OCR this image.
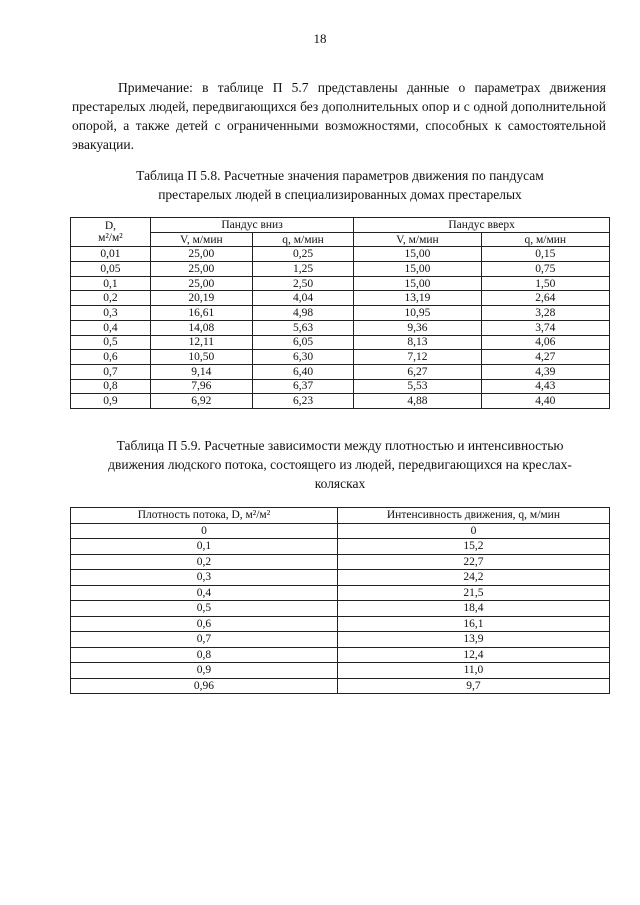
18

Примечание: в таблице П 5.7 представлены данные о параметрах движения престарелых людей, передвигающихся без дополнительных опор и с одной дополнительной опорой, а также детей с ограниченными возможностями, способных к самостоятельной эвакуации.

Таблица П 5.8. Расчетные значения параметров движения по пандусам
престарелых людей в специализированных домах престарелых
D,
м²/м²	Пандус вниз		Пандус вверх	
	V, м/мин	q, м/мин	V, м/мин	q, м/мин
0,01	25,00	0,25	15,00	0,15
0,05	25,00	1,25	15,00	0,75
0,1	25,00	2,50	15,00	1,50
0,2	20,19	4,04	13,19	2,64
0,3	16,61	4,98	10,95	3,28
0,4	14,08	5,63	9,36	3,74
0,5	12,11	6,05	8,13	4,06
0,6	10,50	6,30	7,12	4,27
0,7	9,14	6,40	6,27	4,39
0,8	7,96	6,37	5,53	4,43
0,9	6,92	6,23	4,88	4,40
Таблица П 5.9. Расчетные зависимости между плотностью и интенсивностью
движения людского потока, состоящего из людей, передвигающихся на креслах-
колясках
Плотность потока, D, м²/м²	Интенсивность движения, q, м/мин
0	0
0,1	15,2
0,2	22,7
0,3	24,2
0,4	21,5
0,5	18,4
0,6	16,1
0,7	13,9
0,8	12,4
0,9	11,0
0,96	9,7
